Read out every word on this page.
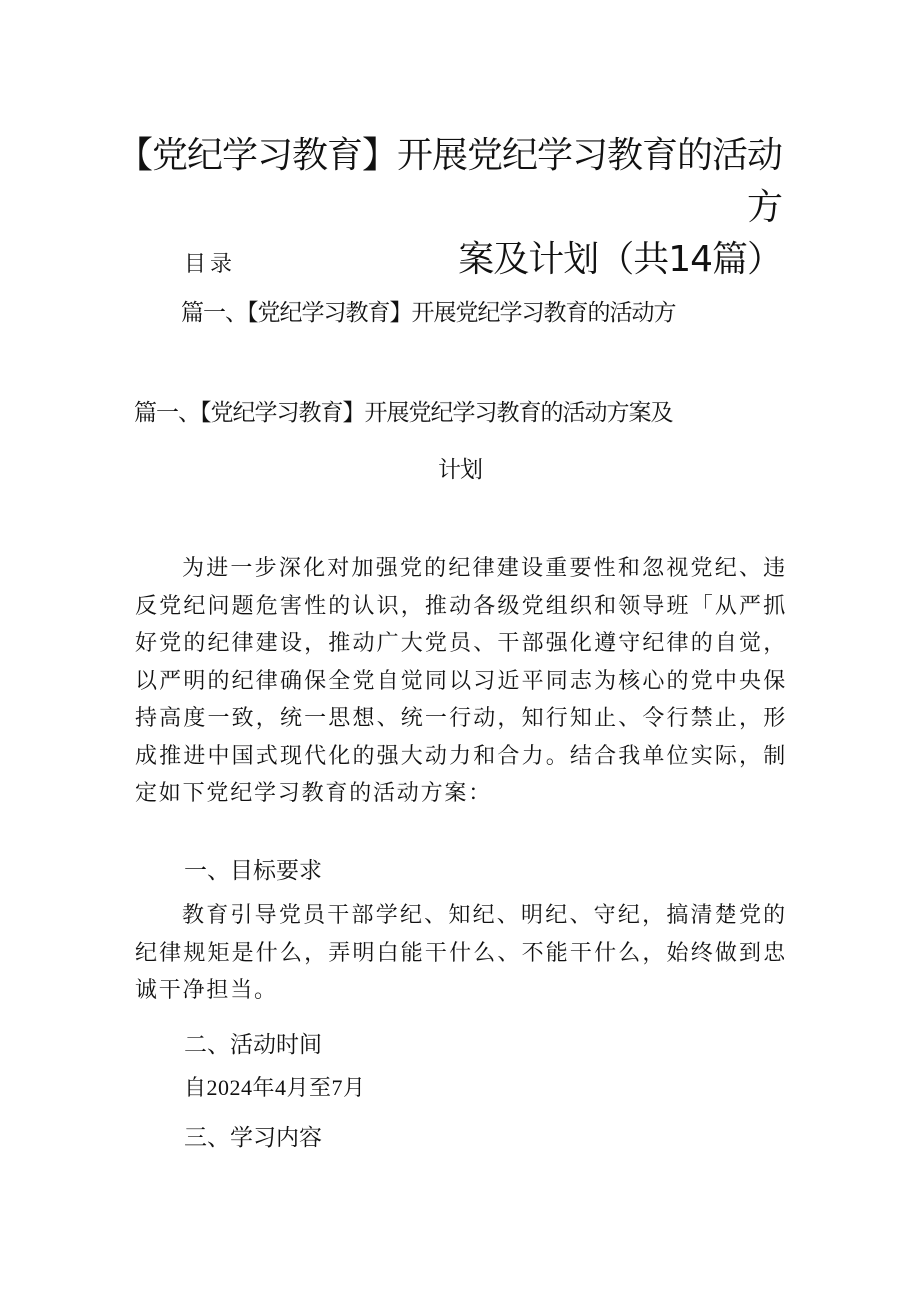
【党纪学习教育】开展党纪学习教育的活动方
案及计划（共14篇）
目录
篇一、【党纪学习教育】开展党纪学习教育的活动方
篇一、【党纪学习教育】开展党纪学习教育的活动方案及
计划

为进一步深化对加强党的纪律建设重要性和忽视党纪、违反党纪问题危害性的认识，推动各级党组织和领导班「从严抓好党的纪律建设，推动广大党员、干部强化遵守纪律的自觉，以严明的纪律确保全党自觉同以习近平同志为核心的党中央保持高度一致，统一思想、统一行动，知行知止、令行禁止，形成推进中国式现代化的强大动力和合力。结合我单位实际，制定如下党纪学习教育的活动方案：

一、目标要求

教育引导党员干部学纪、知纪、明纪、守纪，搞清楚党的纪律规矩是什么，弄明白能干什么、不能干什么，始终做到忠诚干净担当。

二、活动时间
自2024年4月至7月
三、学习内容
